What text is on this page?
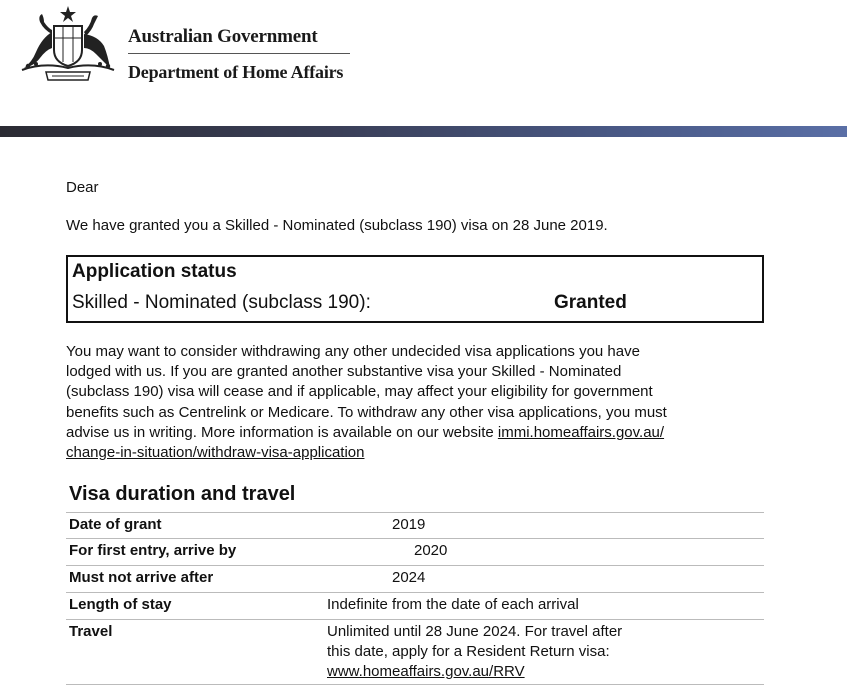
Australian Government
Department of Home Affairs
Dear
We have granted you a Skilled - Nominated (subclass 190) visa on 28 June 2019.
Application status
Skilled - Nominated (subclass 190):	Granted

You may want to consider withdrawing any other undecided visa applications you have

lodged with us. If you are granted another substantive visa your Skilled - Nominated

(subclass 190) visa will cease and if applicable, may affect your eligibility for government

benefits such as Centrelink or Medicare. To withdraw any other visa applications, you must

advise us in writing. More information is available on our website immi.homeaffairs.gov.au/

change-in-situation/withdraw-visa-application

Visa duration and travel
Date of grant	2019
For first entry, arrive by	2020
Must not arrive after	2024
Length of stay	Indefinite from the date of each arrival
Travel	Unlimited until 28 June 2024. For travel after
this date, apply for a Resident Return visa:
www.homeaffairs.gov.au/RRV
